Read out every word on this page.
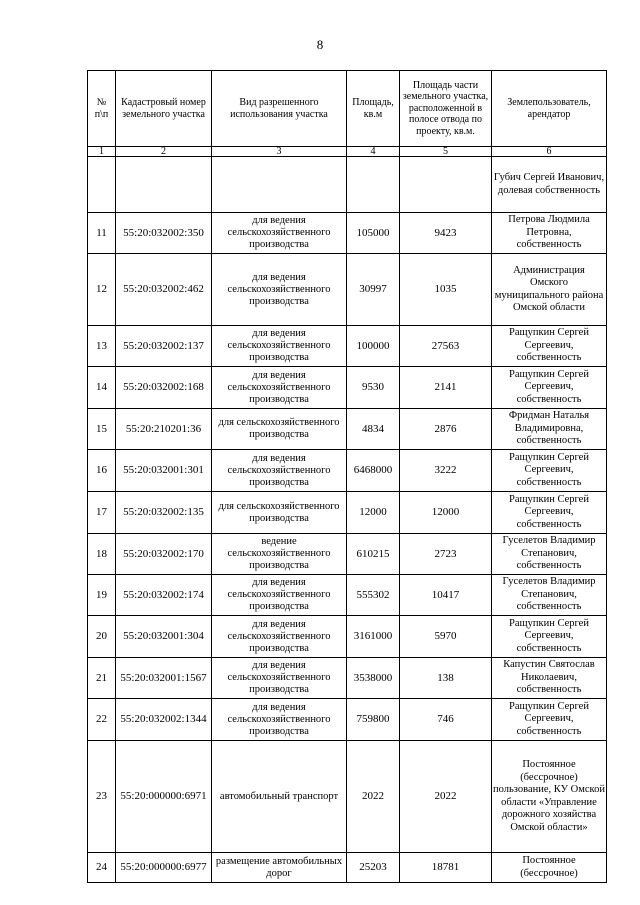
8
№ п\п	Кадастровый номер земельного участка	Вид разрешенного использования участка	Площадь, кв.м	Площадь части земельного участка, расположенной в полосе отвода по проекту, кв.м.	Землепользователь, арендатор
1	2	3	4	5	6
					Губич Сергей Иванович, долевая собственность
11	55:20:032002:350	для ведения сельскохозяйственного производства	105000	9423	Петрова Людмила Петровна, собственность
12	55:20:032002:462	для ведения сельскохозяйственного производства	30997	1035	Администрация Омского муниципального района Омской области
13	55:20:032002:137	для ведения сельскохозяйственного производства	100000	27563	Ращупкин Сергей Сергеевич, собственность
14	55:20:032002:168	для ведения сельскохозяйственного производства	9530	2141	Ращупкин Сергей Сергеевич, собственность
15	55:20:210201:36	для сельскохозяйственного производства	4834	2876	Фридман Наталья Владимировна, собственность
16	55:20:032001:301	для ведения сельскохозяйственного производства	6468000	3222	Ращупкин Сергей Сергеевич, собственность
17	55:20:032002:135	для сельскохозяйственного производства	12000	12000	Ращупкин Сергей Сергеевич, собственность
18	55:20:032002:170	ведение сельскохозяйственного производства	610215	2723	Гуселетов Владимир Степанович, собственность
19	55:20:032002:174	для ведения сельскохозяйственного производства	555302	10417	Гуселетов Владимир Степанович, собственность
20	55:20:032001:304	для ведения сельскохозяйственного производства	3161000	5970	Ращупкин Сергей Сергеевич, собственность
21	55:20:032001:1567	для ведения сельскохозяйственного производства	3538000	138	Капустин Святослав Николаевич, собственность
22	55:20:032002:1344	для ведения сельскохозяйственного производства	759800	746	Ращупкин Сергей Сергеевич, собственность
23	55:20:000000:6971	автомобильный транспорт	2022	2022	Постоянное (бессрочное) пользование, КУ Омской области «Управление дорожного хозяйства Омской области»
24	55:20:000000:6977	размещение автомобильных дорог	25203	18781	Постоянное (бессрочное)
